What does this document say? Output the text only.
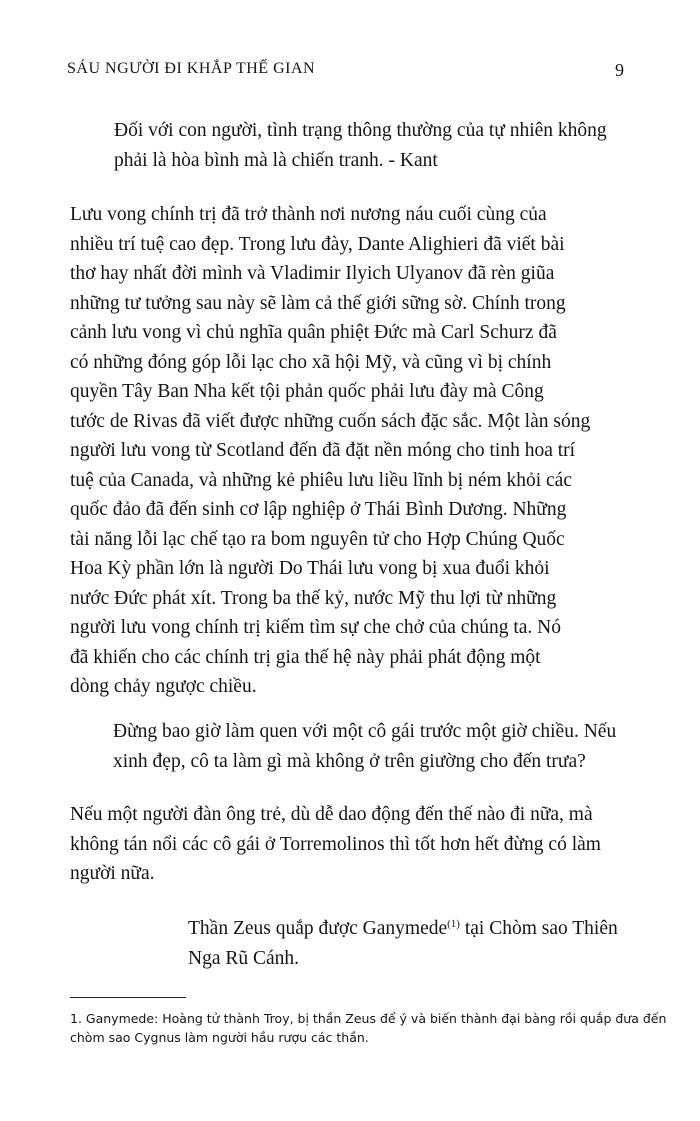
SÁU NGƯỜI ĐI KHẮP THẾ GIAN	9

Đối với con người, tình trạng thông thường của tự nhiên không

phải là hòa bình mà là chiến tranh. - Kant

Lưu vong chính trị đã trở thành nơi nương náu cuối cùng của

nhiều trí tuệ cao đẹp. Trong lưu đày, Dante Alighieri đã viết bài

thơ hay nhất đời mình và Vladimir Ilyich Ulyanov đã rèn giũa

những tư tưởng sau này sẽ làm cả thế giới sững sờ. Chính trong

cảnh lưu vong vì chủ nghĩa quân phiệt Đức mà Carl Schurz đã

có những đóng góp lỗi lạc cho xã hội Mỹ, và cũng vì bị chính

quyền Tây Ban Nha kết tội phản quốc phải lưu đày mà Công

tước de Rivas đã viết được những cuốn sách đặc sắc. Một làn sóng

người lưu vong từ Scotland đến đã đặt nền móng cho tinh hoa trí

tuệ của Canada, và những kẻ phiêu lưu liều lĩnh bị ném khỏi các

quốc đảo đã đến sinh cơ lập nghiệp ở Thái Bình Dương. Những

tài năng lỗi lạc chế tạo ra bom nguyên tử cho Hợp Chúng Quốc

Hoa Kỳ phần lớn là người Do Thái lưu vong bị xua đuổi khỏi

nước Đức phát xít. Trong ba thế kỷ, nước Mỹ thu lợi từ những

người lưu vong chính trị kiếm tìm sự che chở của chúng ta. Nó

đã khiến cho các chính trị gia thế hệ này phải phát động một

dòng chảy ngược chiều.

Đừng bao giờ làm quen với một cô gái trước một giờ chiều. Nếu

xinh đẹp, cô ta làm gì mà không ở trên giường cho đến trưa?

Nếu một người đàn ông trẻ, dù dễ dao động đến thế nào đi nữa, mà

không tán nổi các cô gái ở Torremolinos thì tốt hơn hết đừng có làm

người nữa.

Thần Zeus quắp được Ganymede$^{(1)}$ tại Chòm sao Thiên

Nga Rũ Cánh.

1. Ganymede: Hoàng tử thành Troy, bị thần Zeus để ý và biến thành đại bàng rồi quắp đưa đến

chòm sao Cygnus làm người hầu rượu các thần.
